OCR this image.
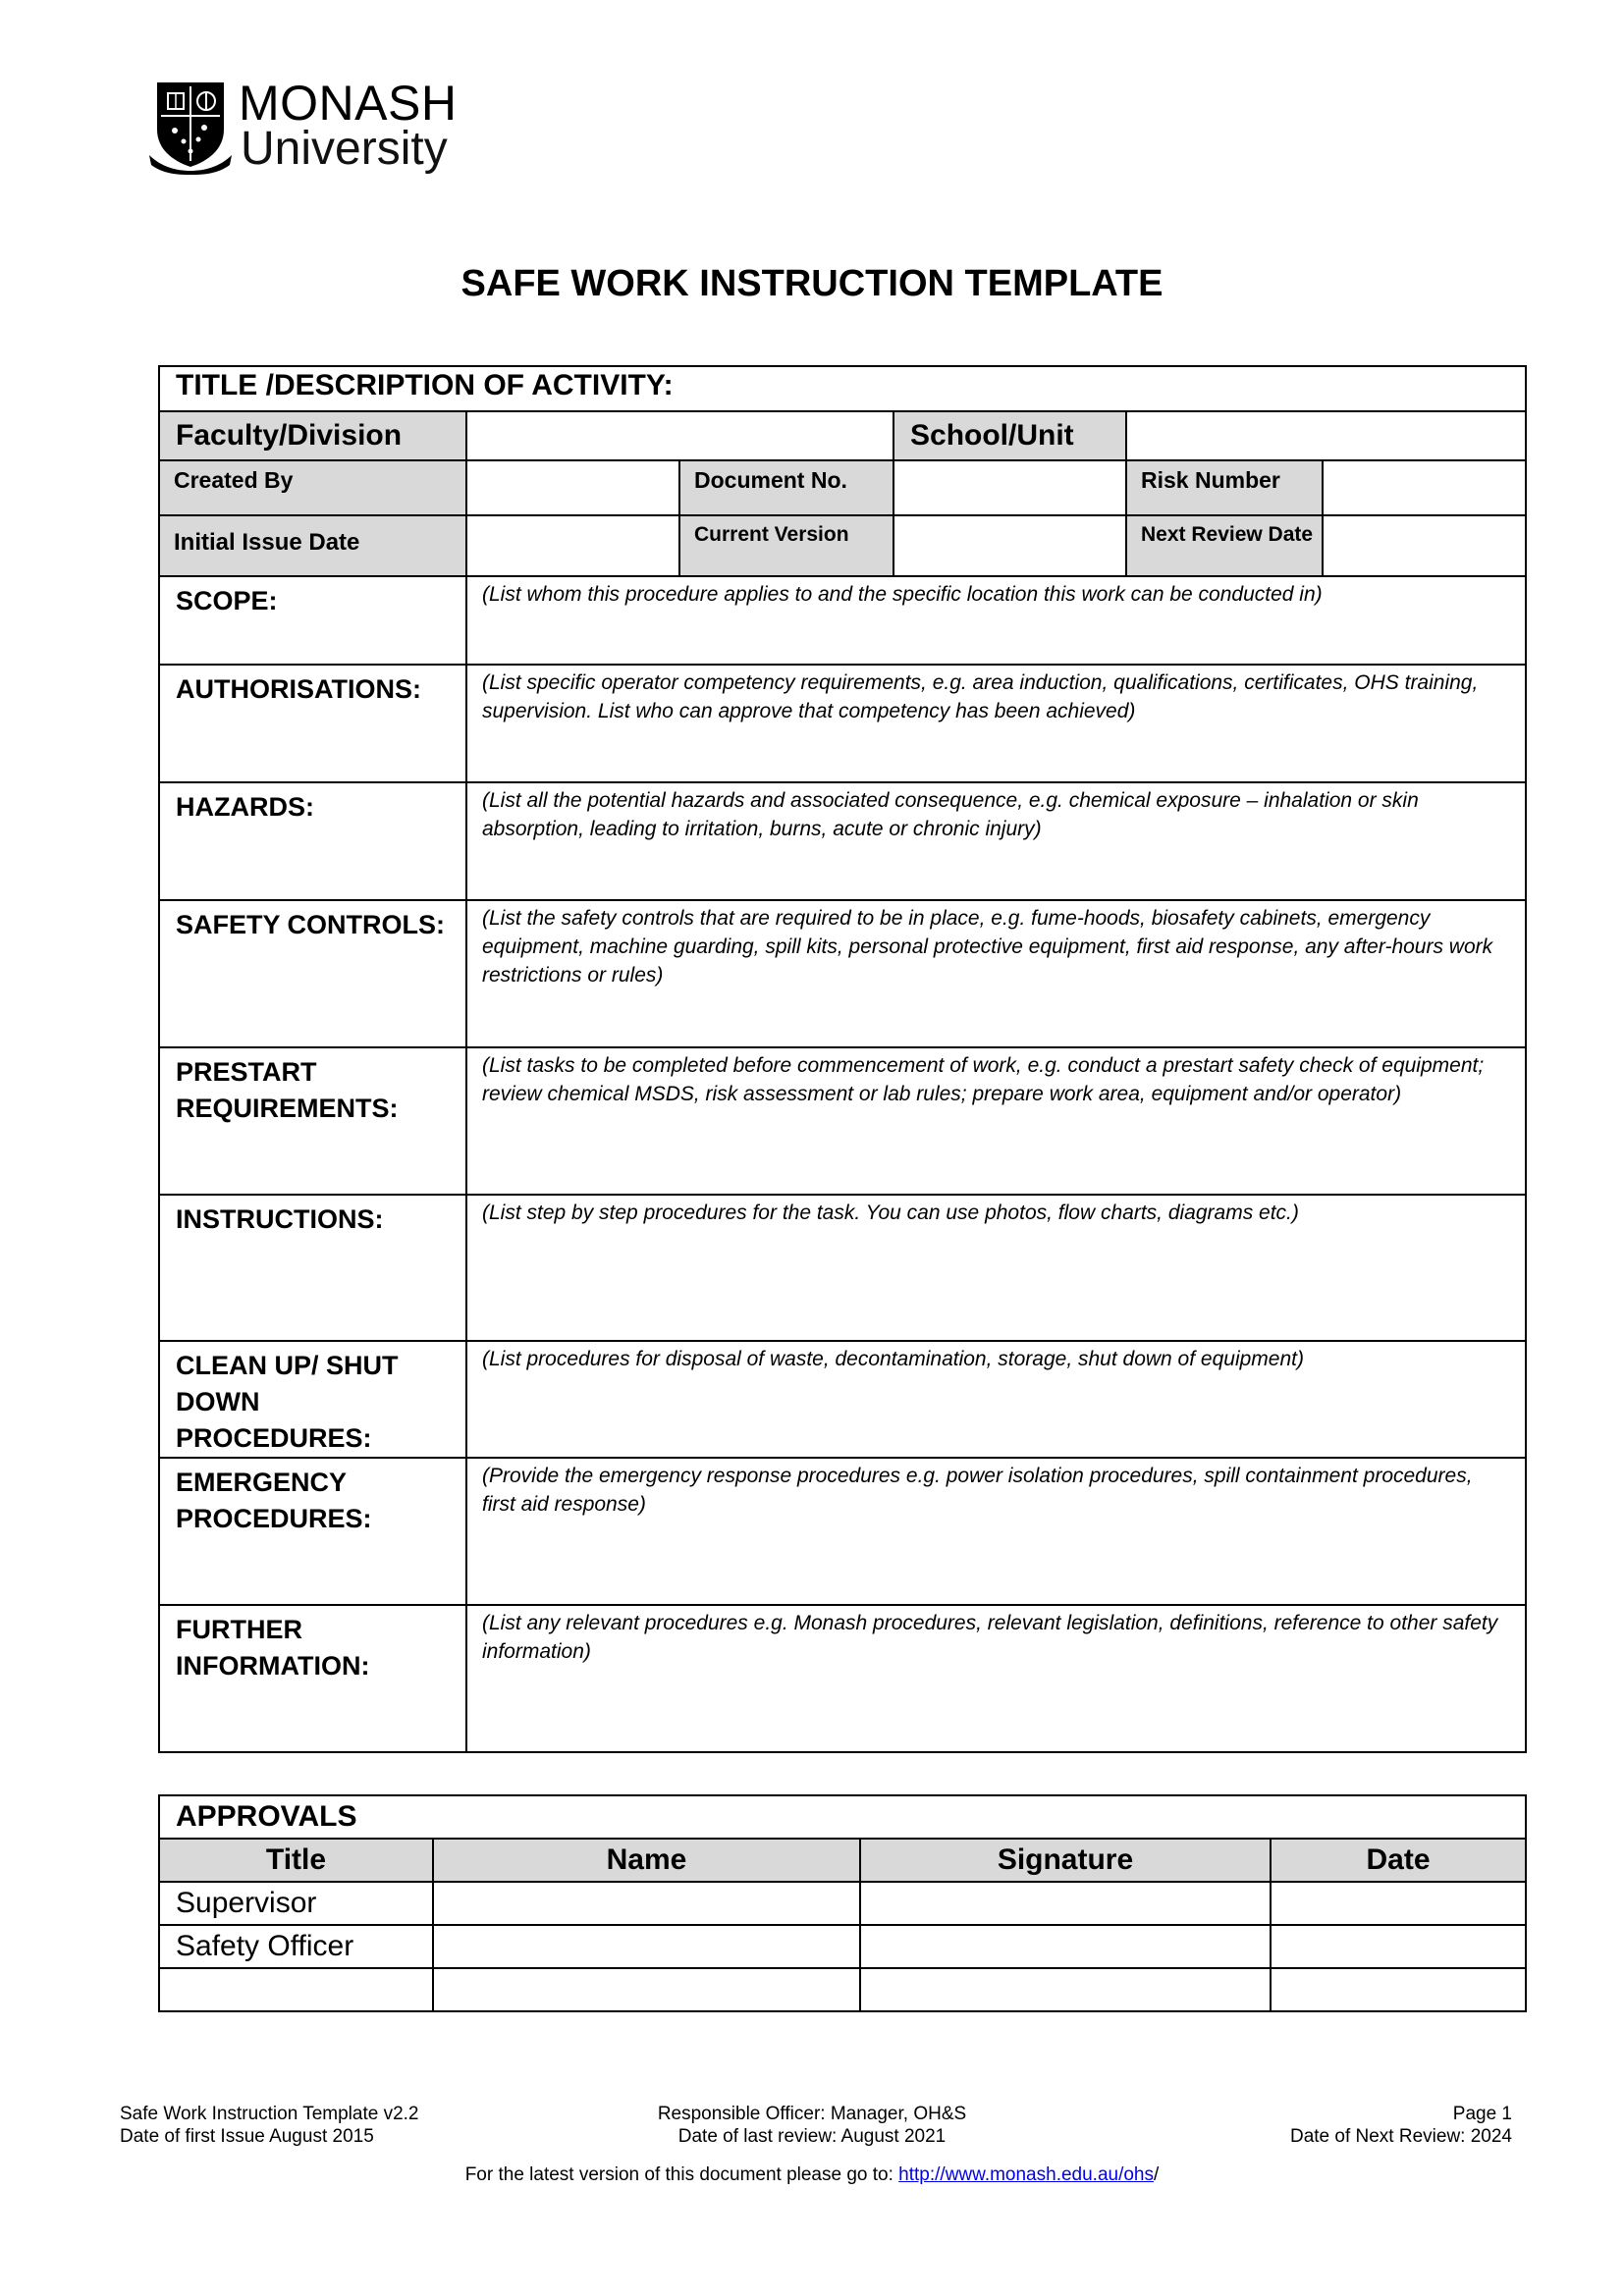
MONASH
University
SAFE WORK INSTRUCTION TEMPLATE
TITLE /DESCRIPTION OF ACTIVITY:					
Faculty/Division			School/Unit		
Created By		Document No.		Risk Number	
Initial Issue Date		Current Version		Next Review Date	
SCOPE:	(List whom this procedure applies to and the specific location this work can be conducted in)				
AUTHORISATIONS:	(List specific operator competency requirements, e.g. area induction, qualifications, certificates, OHS training, supervision. List who can approve that competency has been achieved)				
HAZARDS:	(List all the potential hazards and associated consequence, e.g. chemical exposure – inhalation or skin absorption, leading to irritation, burns, acute or chronic injury)				
SAFETY CONTROLS:	(List the safety controls that are required to be in place, e.g. fume-hoods, biosafety cabinets, emergency equipment, machine guarding, spill kits, personal protective equipment, first aid response, any after-hours work restrictions or rules)				
PRESTART REQUIREMENTS:	(List tasks to be completed before commencement of work, e.g. conduct a prestart safety check of equipment; review chemical MSDS, risk assessment or lab rules; prepare work area, equipment and/or operator)				
INSTRUCTIONS:	(List step by step procedures for the task. You can use photos, flow charts, diagrams etc.)				
CLEAN UP/ SHUT DOWN PROCEDURES:	(List procedures for disposal of waste, decontamination, storage, shut down of equipment)				
EMERGENCY PROCEDURES:	(Provide the emergency response procedures e.g. power isolation procedures, spill containment procedures, first aid response)				
FURTHER INFORMATION:	(List any relevant procedures e.g. Monash procedures, relevant legislation, definitions, reference to other safety information)				
APPROVALS			
Title	Name	Signature	Date
Supervisor			
Safety Officer			

Safe Work Instruction Template v2.2
Date of first Issue August 2015
Responsible Officer: Manager, OH&S
Date of last review: August 2021
Page 1
Date of Next Review: 2024
For the latest version of this document please go to: http://www.monash.edu.au/ohs/
